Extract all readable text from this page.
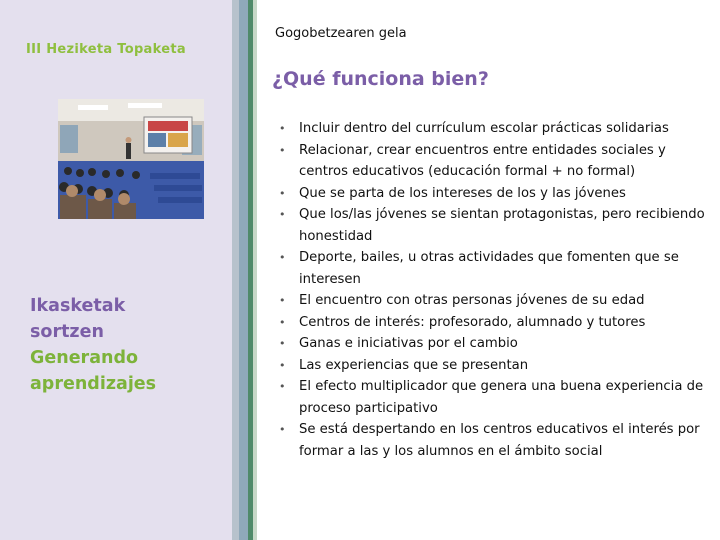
III Heziketa Topaketa
Ikasketak
sortzen
Generando
aprendizajes
Gogobetzearen gela
¿Qué funciona bien?
• Incluir dentro del currículum escolar prácticas solidarias
• Relacionar, crear encuentros entre entidades sociales y centros educativos (educación formal + no formal)
• Que se parta de los intereses de los y las jóvenes
• Que los/las jóvenes se sientan protagonistas, pero recibiendo honestidad
• Deporte, bailes, u otras actividades que fomenten que se interesen
• El encuentro con otras personas jóvenes de su edad
• Centros de interés: profesorado, alumnado y tutores
• Ganas e iniciativas por el cambio
• Las experiencias que se presentan
• El efecto multiplicador que genera una buena experiencia de proceso participativo
• Se está despertando en los centros educativos el interés por formar a las y los alumnos en el ámbito social
